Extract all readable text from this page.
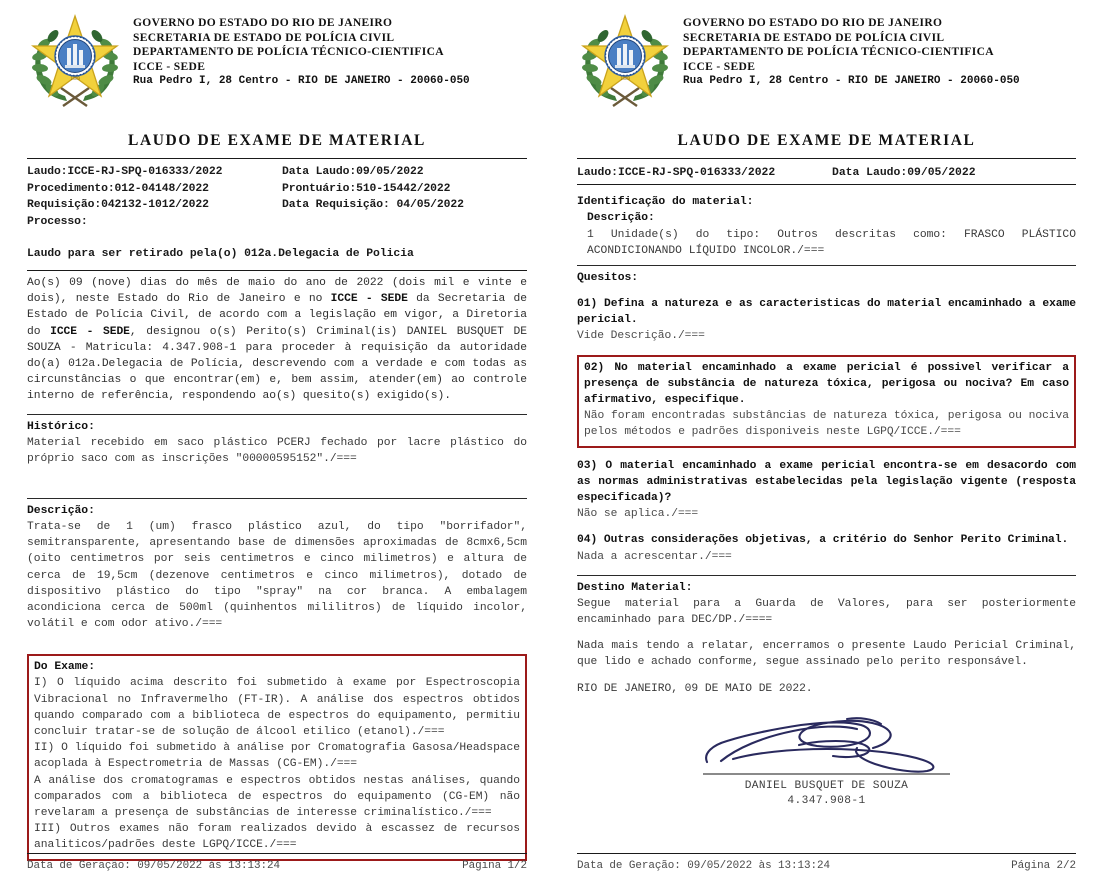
1889
GOVERNO DO ESTADO DO RIO DE JANEIRO
SECRETARIA DE ESTADO DE POLÍCIA CIVIL
DEPARTAMENTO DE POLÍCIA TÉCNICO-CIENTIFICA
ICCE - SEDE
Rua Pedro I, 28 Centro - RIO DE JANEIRO - 20060-050
LAUDO DE EXAME DE MATERIAL
Laudo:ICCE-RJ-SPQ-016333/2022	Data Laudo:09/05/2022
Procedimento:012-04148/2022	Prontuário:510-15442/2022
Requisição:042132-1012/2022	Data Requisição: 04/05/2022
Processo:
Laudo para ser retirado pela(o) 012a.Delegacia de Policia
Ao(s) 09 (nove) dias do mês de maio do ano de 2022 (dois mil e vinte e dois), neste Estado do Rio de Janeiro e no ICCE - SEDE da Secretaria de Estado de Polícia Civil, de acordo com a legislação em vigor, a Diretoria do ICCE - SEDE, designou o(s) Perito(s) Criminal(is) DANIEL BUSQUET DE SOUZA - Matricula: 4.347.908-1 para proceder à requisição da autoridade do(a) 012a.Delegacia de Polícia, descrevendo com a verdade e com todas as circunstâncias o que encontrar(em) e, bem assim, atender(em) ao controle interno de referência, respondendo ao(s) quesito(s) exigido(s).
Histórico:
Material recebido em saco plástico PCERJ fechado por lacre plástico do próprio saco com as inscrições "00000595152"./===
Descrição:
Trata-se de 1 (um) frasco plástico azul, do tipo "borrifador", semitransparente, apresentando base de dimensões aproximadas de 8cmx6,5cm (oito centimetros por seis centimetros e cinco milimetros) e altura de cerca de 19,5cm (dezenove centimetros e cinco milimetros), dotado de dispositivo plástico do tipo "spray" na cor branca. A embalagem acondiciona cerca de 500ml (quinhentos mililitros) de líquido incolor, volátil e com odor ativo./===
Do Exame:
I) O líquido acima descrito foi submetido à exame por Espectroscopia Vibracional no Infravermelho (FT-IR). A análise dos espectros obtidos quando comparado com a biblioteca de espectros do equipamento, permitiu concluir tratar-se de solução de álcool etilico (etanol)./===
II) O líquido foi submetido à análise por Cromatografia Gasosa/Headspace acoplada à Espectrometria de Massas (CG-EM)./===
A análise dos cromatogramas e espectros obtidos nestas análises, quando comparados com a biblioteca de espectros do equipamento (CG-EM) não revelaram a presença de substâncias de interesse criminalístico./===
III) Outros exames não foram realizados devido à escassez de recursos analiticos/padrões deste LGPQ/ICCE./===
Data de Geração: 09/05/2022 às 13:13:24	Página 1/2
1889
GOVERNO DO ESTADO DO RIO DE JANEIRO
SECRETARIA DE ESTADO DE POLÍCIA CIVIL
DEPARTAMENTO DE POLÍCIA TÉCNICO-CIENTIFICA
ICCE - SEDE
Rua Pedro I, 28 Centro - RIO DE JANEIRO - 20060-050
LAUDO DE EXAME DE MATERIAL
Laudo:ICCE-RJ-SPQ-016333/2022	Data Laudo:09/05/2022
Identificação do material:
Descrição:
1 Unidade(s) do tipo: Outros descritas como: FRASCO PLÁSTICO ACONDICIONANDO LÍQUIDO INCOLOR./===
Quesitos:
01) Defina a natureza e as caracteristicas do material encaminhado a exame pericial.
Vide Descrição./===
02) No material encaminhado a exame pericial é possivel verificar a presença de substância de natureza tóxica, perigosa ou nociva? Em caso afirmativo, especifique.
Não foram encontradas substâncias de natureza tóxica, perigosa ou nociva pelos métodos e padrões disponiveis neste LGPQ/ICCE./===
03) O material encaminhado a exame pericial encontra-se em desacordo com as normas administrativas estabelecidas pela legislação vigente (resposta especificada)?
Não se aplica./===
04) Outras considerações objetivas, a critério do Senhor Perito Criminal.
Nada a acrescentar./===
Destino Material:
Segue material para a Guarda de Valores, para ser posteriormente encaminhado para DEC/DP./====
Nada mais tendo a relatar, encerramos o presente Laudo Pericial Criminal, que lido e achado conforme, segue assinado pelo perito responsável.
RIO DE JANEIRO, 09 DE MAIO DE 2022.
DANIEL BUSQUET DE SOUZA
4.347.908-1
Data de Geração: 09/05/2022 às 13:13:24	Página 2/2
